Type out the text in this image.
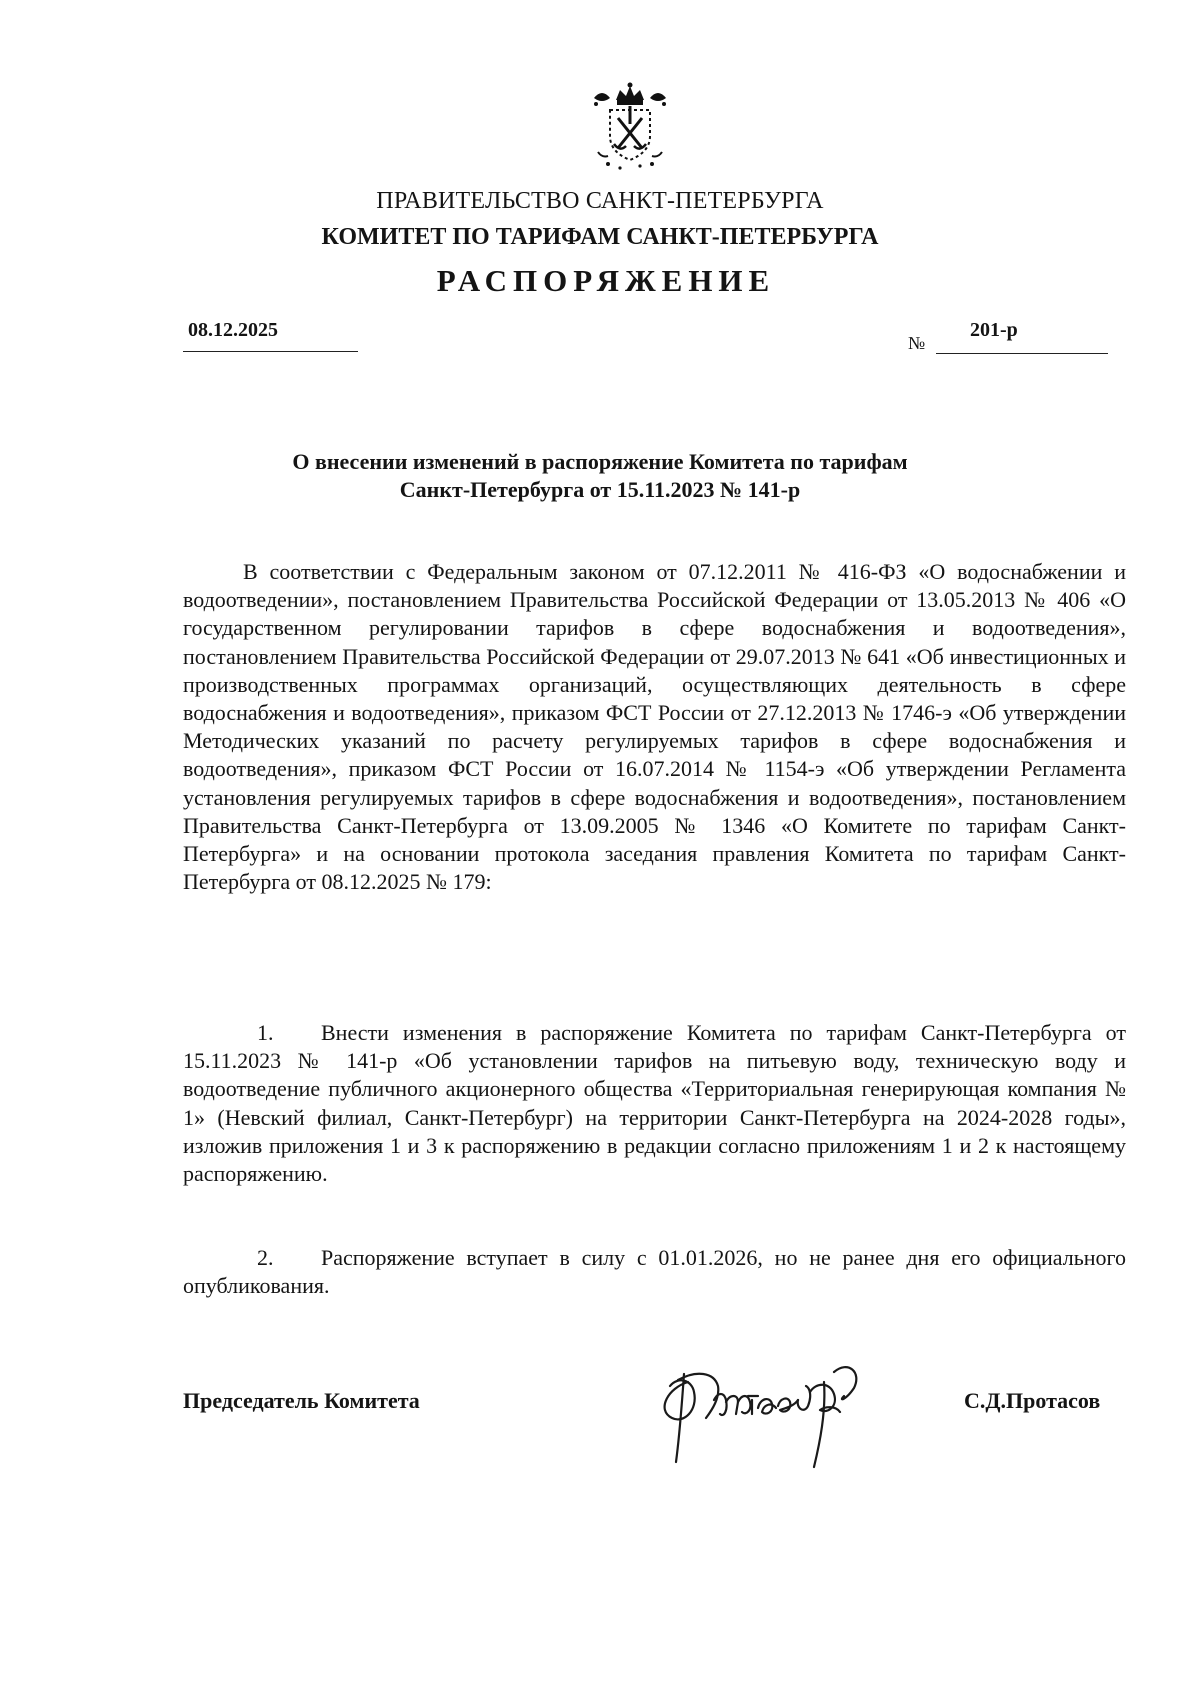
ПРАВИТЕЛЬСТВО САНКТ-ПЕТЕРБУРГА
КОМИТЕТ ПО ТАРИФАМ САНКТ-ПЕТЕРБУРГА
РАСПОРЯЖЕНИЕ
08.12.2025
№
201-р
О внесении изменений в распоряжение Комитета по тарифам
Санкт-Петербурга от 15.11.2023 № 141-р

В соответствии с Федеральным законом от 07.12.2011 № 416-ФЗ «О водоснабжении и водоотведении», постановлением Правительства Российской Федерации от 13.05.2013 № 406 «О государственном регулировании тарифов в сфере водоснабжения и водоотведения», постановлением Правительства Российской Федерации от 29.07.2013 № 641 «Об инвестиционных и производственных программах организаций, осуществляющих деятельность в сфере водоснабжения и водоотведения», приказом ФСТ России от 27.12.2013 № 1746-э «Об утверждении Методических указаний по расчету регулируемых тарифов в сфере водоснабжения и водоотведения», приказом ФСТ России от 16.07.2014 № 1154-э «Об утверждении Регламента установления регулируемых тарифов в сфере водоснабжения и водоотведения», постановлением Правительства Санкт-Петербурга от 13.09.2005 № 1346 «О Комитете по тарифам Санкт-Петербурга» и на основании протокола заседания правления Комитета по тарифам Санкт-Петербурга от 08.12.2025 № 179:

1. Внести изменения в распоряжение Комитета по тарифам Санкт-Петербурга от 15.11.2023 № 141-р «Об установлении тарифов на питьевую воду, техническую воду и водоотведение публичного акционерного общества «Территориальная генерирующая компания № 1» (Невский филиал, Санкт-Петербург) на территории Санкт-Петербурга на 2024-2028 годы», изложив приложения 1 и 3 к распоряжению в редакции согласно приложениям 1 и 2 к настоящему распоряжению.

2. Распоряжение вступает в силу с 01.01.2026, но не ранее дня его официального опубликования.

Председатель Комитета	С.Д.Протасов
